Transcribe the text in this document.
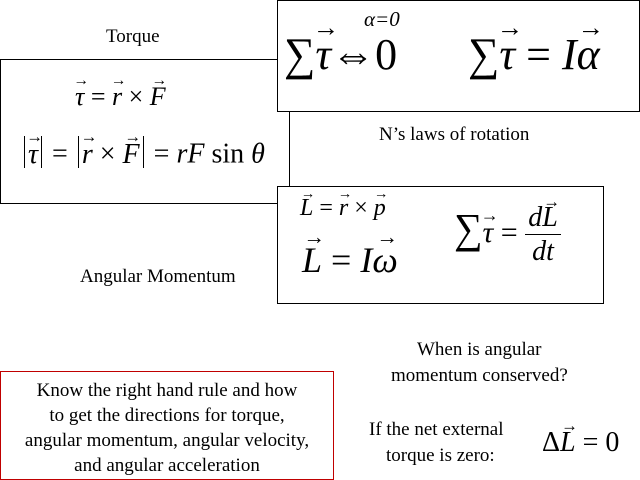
Torque
→ τ = → r × → F
→ τ = → r × → F = rF sin θ
α=0
∑→ τ⇔0 ∑→ τ = I→ α
N’s laws of rotation
→ L = → r × → p
→ L = I→ ω
∑→ $\tau = \frac{d\to L}{dt}$
Angular Momentum
When is angular
momentum conserved?
If the net external
torque is zero: Δ→ L = 0
Know the right hand rule and how
to get the directions for torque,
angular momentum, angular velocity,
and angular acceleration
